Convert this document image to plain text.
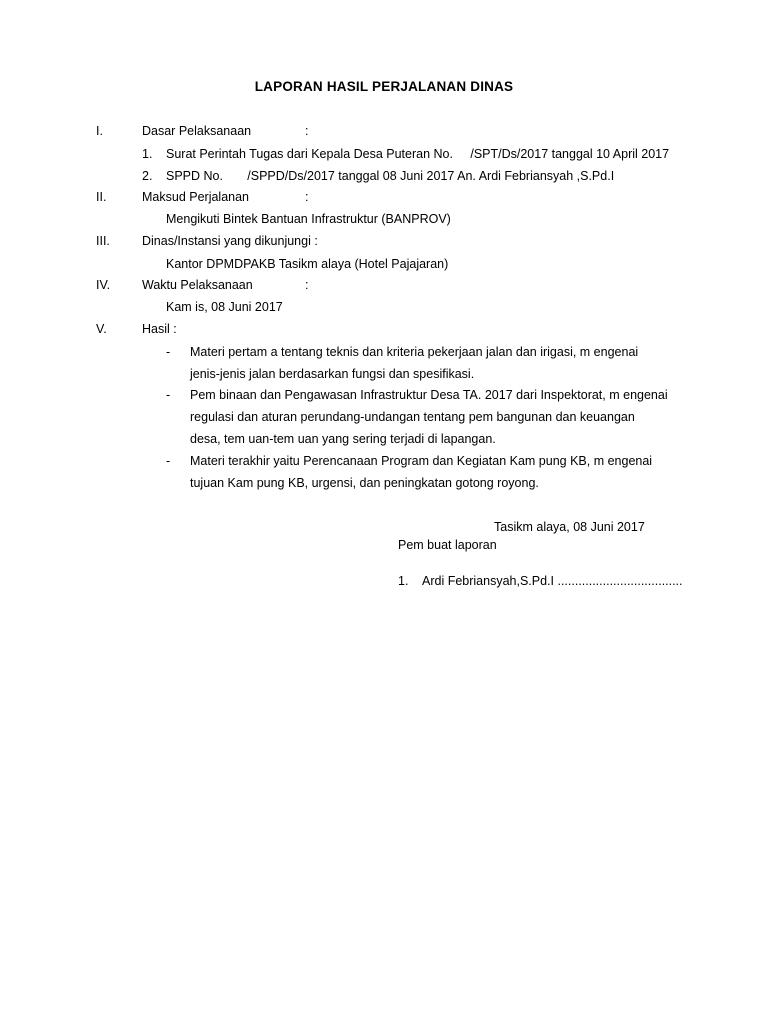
LAPORAN HASIL PERJALANAN DINAS
I.	Dasar Pelaksanaan	:
1. Surat Perintah Tugas dari Kepala Desa Puteran No.     /SPT/Ds/2017 tanggal 10 April 2017
2. SPPD No.       /SPPD/Ds/2017 tanggal 08 Juni 2017 An. Ardi Febriansyah ,S.Pd.I
II.	Maksud Perjalanan	:
Mengikuti Bintek Bantuan Infrastruktur (BANPROV)
III.	Dinas/Instansi yang dikunjungi :
Kantor DPMDPAKB Tasikm alaya (Hotel Pajajaran)
IV.	Waktu Pelaksanaan	:
Kam is, 08 Juni 2017
V.	Hasil :
- Materi pertam a tentang teknis dan kriteria pekerjaan jalan dan irigasi, m engenai
jenis-jenis jalan berdasarkan fungsi dan spesifikasi.
- Pem binaan dan Pengawasan Infrastruktur Desa TA. 2017 dari Inspektorat, m engenai
regulasi dan aturan perundang-undangan tentang pem bangunan dan keuangan
desa, tem uan-tem uan yang sering terjadi di lapangan.
- Materi terakhir yaitu Perencanaan Program dan Kegiatan Kam pung KB, m engenai
tujuan Kam pung KB, urgensi, dan peningkatan gotong royong.
Tasikm alaya, 08 Juni 2017
Pem buat laporan
1. Ardi Febriansyah,S.Pd.I ....................................
